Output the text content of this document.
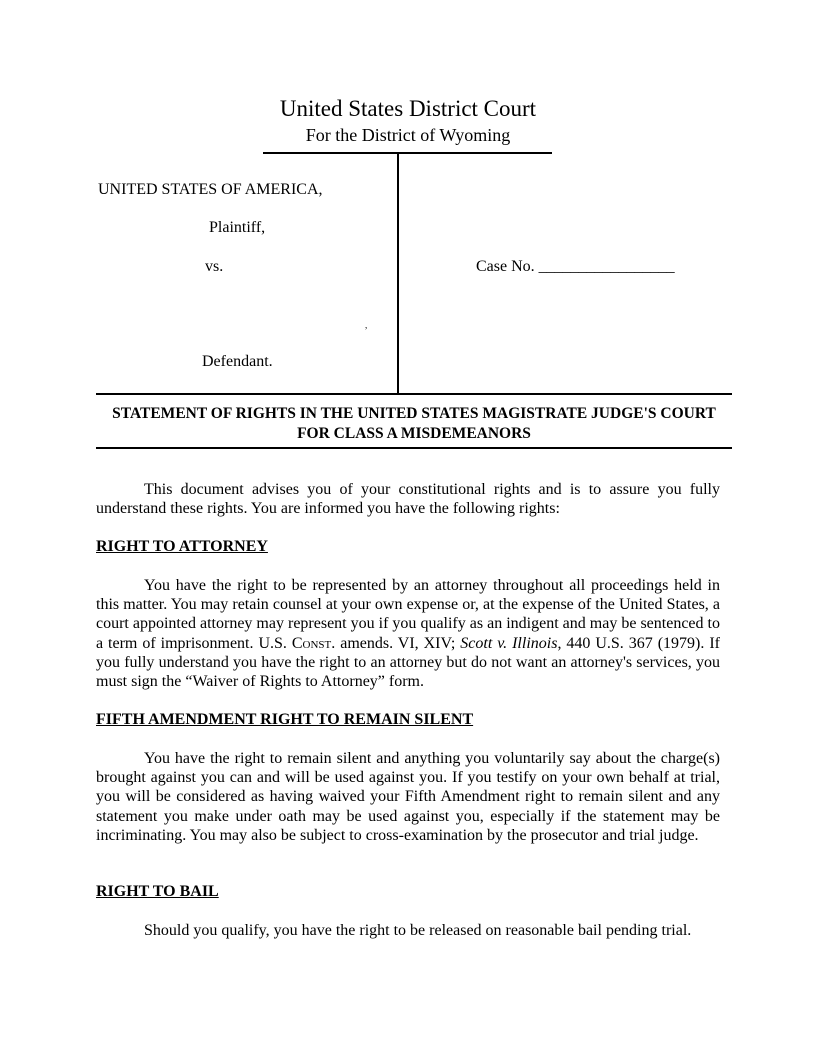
United States District Court
For the District of Wyoming
UNITED STATES OF AMERICA,
Plaintiff,
vs.
,
Defendant.
Case No. _________________
STATEMENT OF RIGHTS IN THE UNITED STATES MAGISTRATE JUDGE'S COURT FOR CLASS A MISDEMEANORS
This document advises you of your constitutional rights and is to assure you fully understand these rights. You are informed you have the following rights:
RIGHT TO ATTORNEY
You have the right to be represented by an attorney throughout all proceedings held in this matter. You may retain counsel at your own expense or, at the expense of the United States, a court appointed attorney may represent you if you qualify as an indigent and may be sentenced to a term of imprisonment. U.S. Const. amends. VI, XIV; Scott v. Illinois, 440 U.S. 367 (1979). If you fully understand you have the right to an attorney but do not want an attorney's services, you must sign the “Waiver of Rights to Attorney” form.
FIFTH AMENDMENT RIGHT TO REMAIN SILENT
You have the right to remain silent and anything you voluntarily say about the charge(s) brought against you can and will be used against you. If you testify on your own behalf at trial, you will be considered as having waived your Fifth Amendment right to remain silent and any statement you make under oath may be used against you, especially if the statement may be incriminating. You may also be subject to cross-examination by the prosecutor and trial judge.
RIGHT TO BAIL
Should you qualify, you have the right to be released on reasonable bail pending trial.
